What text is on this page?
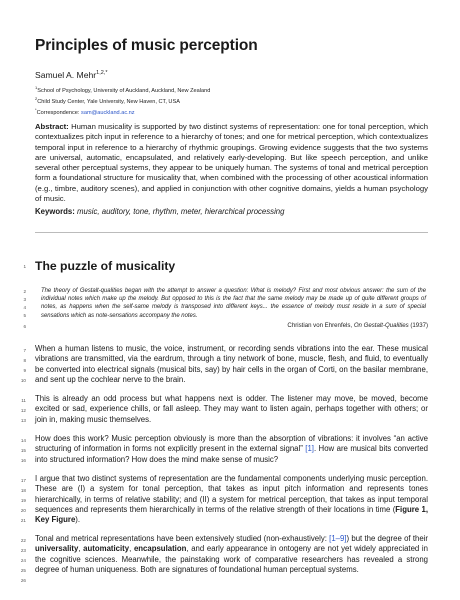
Principles of music perception
Samuel A. Mehr$^{1,2,*}$
$^1$School of Psychology, University of Auckland, Auckland, New Zealand
$^2$Child Study Center, Yale University, New Haven, CT, USA
*Correspondence: sam@auckland.ac.nz
Abstract: Human musicality is supported by two distinct systems of representation: one for tonal perception, which contextualizes pitch input in reference to a hierarchy of tones; and one for metrical perception, which contextualizes temporal input in reference to a hierarchy of rhythmic groupings. Growing evidence suggests that the two systems are universal, automatic, encapsulated, and relatively early-developing. But like speech perception, and unlike several other perceptual systems, they appear to be uniquely human. The systems of tonal and metrical perception form a foundational structure for musicality that, when combined with the processing of other acoustical information (e.g., timbre, auditory scenes), and applied in conjunction with other cognitive domains, yields a human psychology of music.
Keywords: music, auditory, tone, rhythm, meter, hierarchical processing
1 The puzzle of musicality
2
3
4
5
The theory of Gestalt-qualities began with the attempt to answer a question: What is melody? First and most obvious answer: the sum of the individual notes which make up the melody. But opposed to this is the fact that the same melody may be made up of quite different groups of notes, as happens when the self-same melody is transposed into different keys... the essence of melody must reside in a sum of special sensations which as note-sensations accompany the notes.
6	Christian von Ehrenfels, On Gestalt-Qualities (1937)
7
8
9
10
When a human listens to music, the voice, instrument, or recording sends vibrations into the ear. These musical vibrations are transmitted, via the eardrum, through a tiny network of bone, muscle, flesh, and fluid, to eventually be converted into electrical signals (musical bits, say) by hair cells in the organ of Corti, on the basilar membrane, and sent up the cochlear nerve to the brain.
11
12
13
This is already an odd process but what happens next is odder. The listener may move, be moved, become excited or sad, experience chills, or fall asleep. They may want to listen again, perhaps together with others; or join in, making music themselves.
14
15
16
How does this work? Music perception obviously is more than the absorption of vibrations: it involves “an active structuring of information in forms not explicitly present in the external signal” [1]. How are musical bits converted into structured information? How does the mind make sense of music?
17
18
19
20
21
I argue that two distinct systems of representation are the fundamental components underlying music perception. These are (I) a system for tonal perception, that takes as input pitch information and represents tones hierarchically, in terms of relative stability; and (II) a system for metrical perception, that takes as input temporal sequences and represents them hierarchically in terms of the relative strength of their locations in time (Figure 1, Key Figure).
22
23
24
25
26
Tonal and metrical representations have been extensively studied (non-exhaustively: [1–9]) but the degree of their universality, automaticity, encapsulation, and early appearance in ontogeny are not yet widely appreciated in the cognitive sciences. Meanwhile, the painstaking work of comparative researchers has revealed a strong degree of human uniqueness. Both are signatures of foundational human perceptual systems.
